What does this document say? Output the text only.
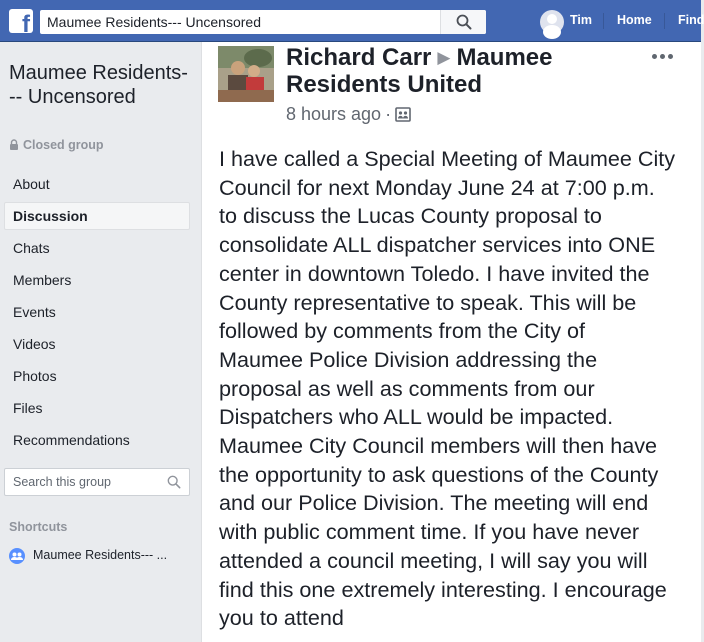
f
Maumee Residents--- Uncensored	Tim Home Find
Maumee Residents--- Uncensored
Closed group
About
Discussion
Chats
Members
Events
Videos
Photos
Files
Recommendations
Search this group
Shortcuts
Maumee Residents--- ...
Richard Carr ▶ Maumee Residents United
8 hours ago ·
I have called a Special Meeting of Maumee City
Council for next Monday June 24 at 7:00 p.m.
to discuss the Lucas County proposal to
consolidate ALL dispatcher services into ONE
center in downtown Toledo. I have invited the
County representative to speak. This will be
followed by comments from the City of
Maumee Police Division addressing the
proposal as well as comments from our
Dispatchers who ALL would be impacted.
Maumee City Council members will then have
the opportunity to ask questions of the County
and our Police Division. The meeting will end
with public comment time. If you have never
attended a council meeting, I will say you will
find this one extremely interesting. I encourage
you to attend
